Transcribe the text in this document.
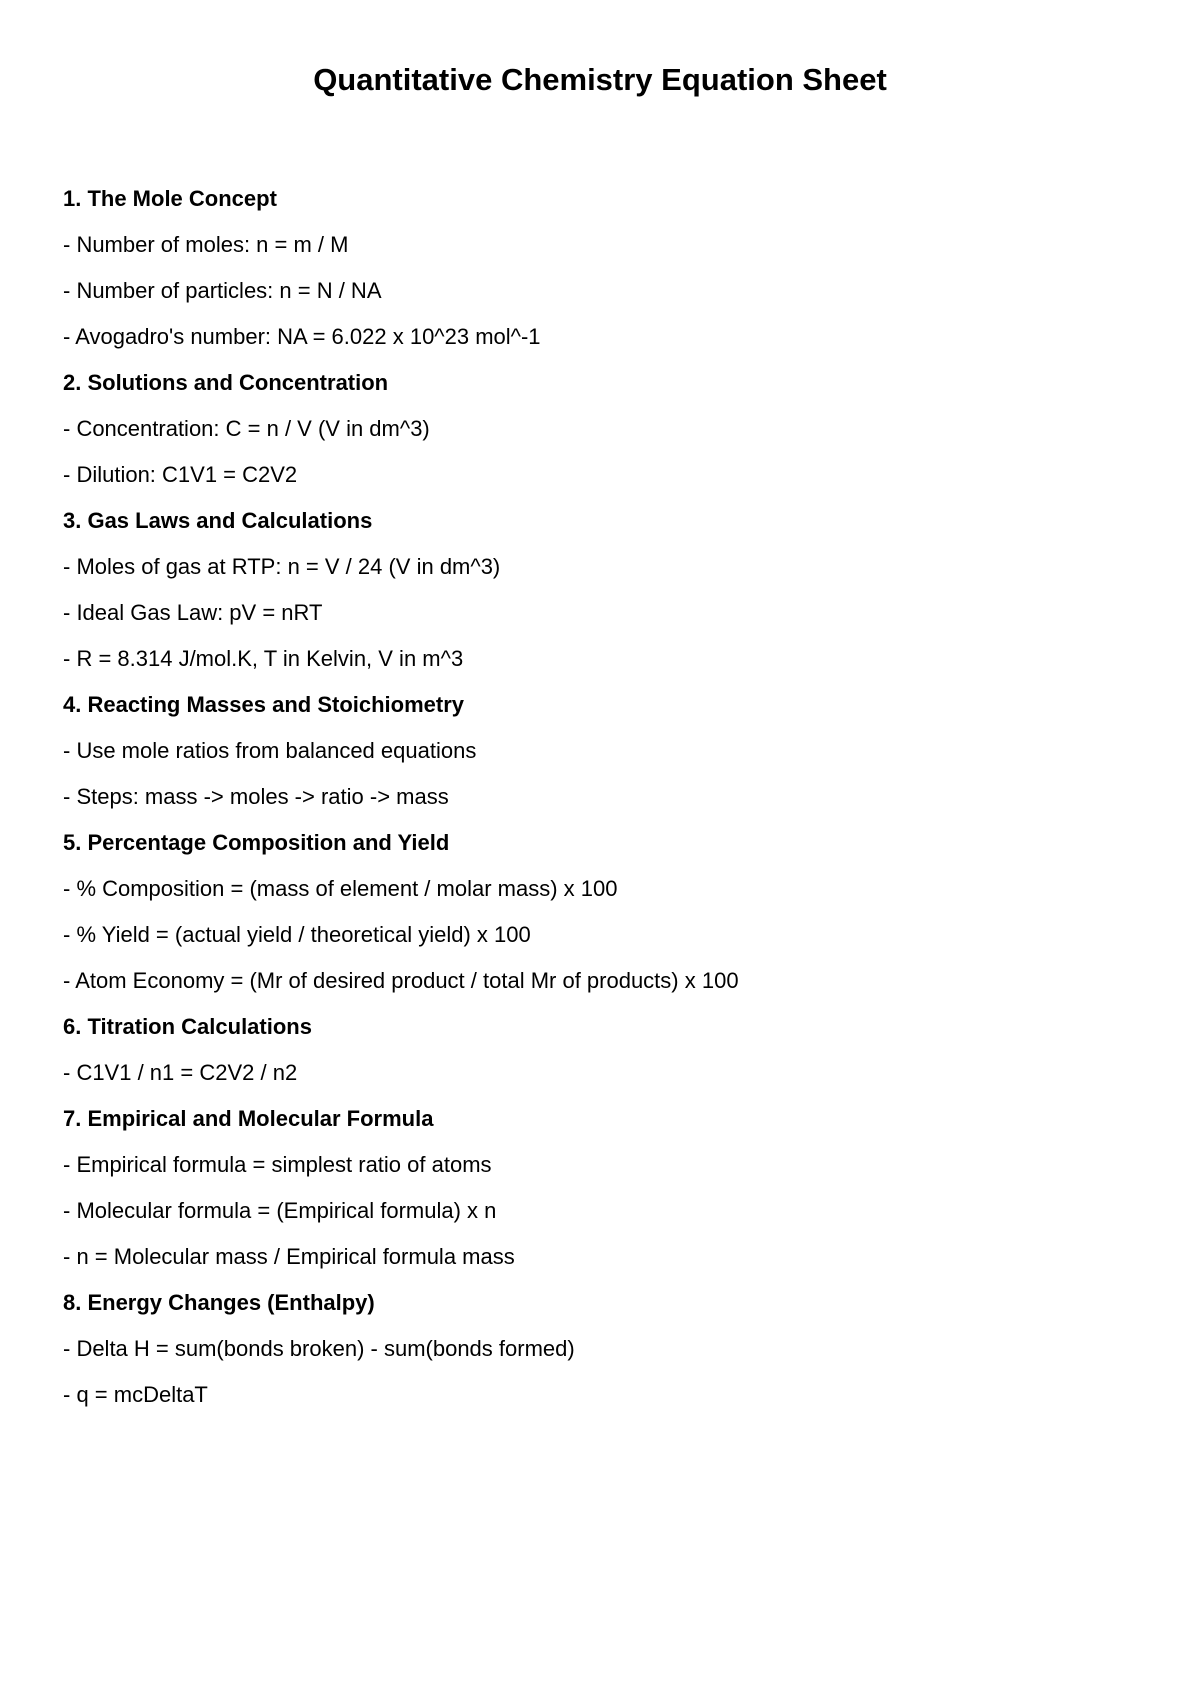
Quantitative Chemistry Equation Sheet
1. The Mole Concept
- Number of moles: n = m / M
- Number of particles: n = N / NA
- Avogadro's number: NA = 6.022 x 10^23 mol^-1
2. Solutions and Concentration
- Concentration: C = n / V (V in dm^3)
- Dilution: C1V1 = C2V2
3. Gas Laws and Calculations
- Moles of gas at RTP: n = V / 24 (V in dm^3)
- Ideal Gas Law: pV = nRT
- R = 8.314 J/mol.K, T in Kelvin, V in m^3
4. Reacting Masses and Stoichiometry
- Use mole ratios from balanced equations
- Steps: mass -> moles -> ratio -> mass
5. Percentage Composition and Yield
- % Composition = (mass of element / molar mass) x 100
- % Yield = (actual yield / theoretical yield) x 100
- Atom Economy = (Mr of desired product / total Mr of products) x 100
6. Titration Calculations
- C1V1 / n1 = C2V2 / n2
7. Empirical and Molecular Formula
- Empirical formula = simplest ratio of atoms
- Molecular formula = (Empirical formula) x n
- n = Molecular mass / Empirical formula mass
8. Energy Changes (Enthalpy)
- Delta H = sum(bonds broken) - sum(bonds formed)
- q = mcDeltaT
